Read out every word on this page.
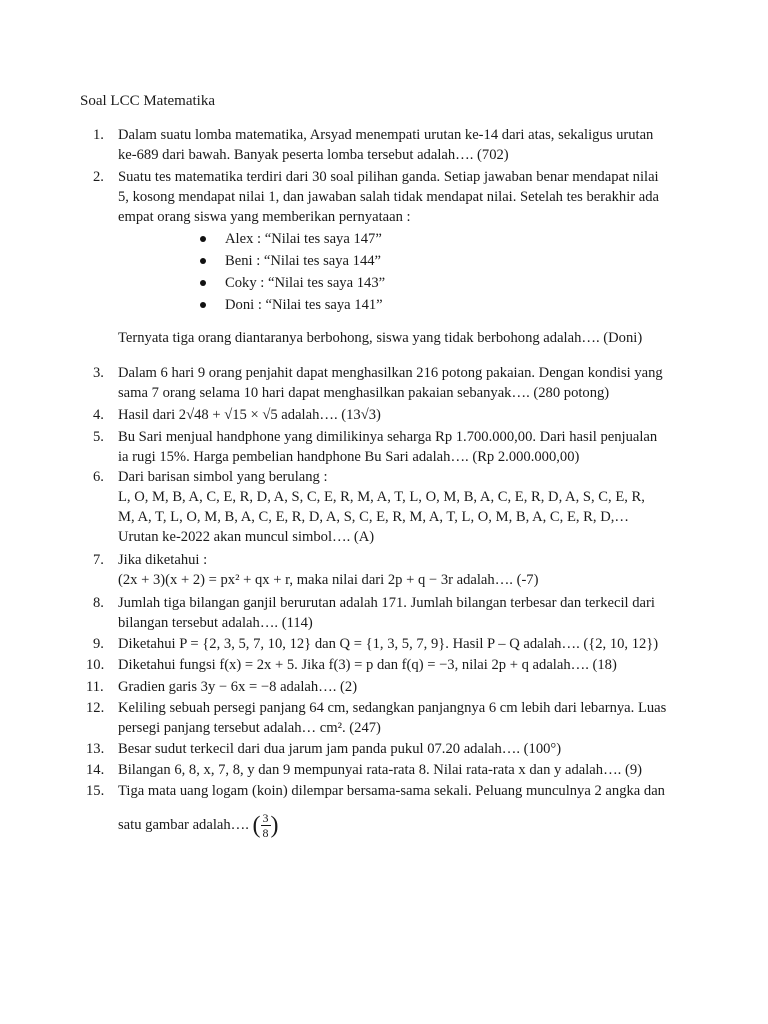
Soal LCC Matematika
1. Dalam suatu lomba matematika, Arsyad menempati urutan ke-14 dari atas, sekaligus urutan
ke-689 dari bawah. Banyak peserta lomba tersebut adalah…. (702)
2. Suatu tes matematika terdiri dari 30 soal pilihan ganda. Setiap jawaban benar mendapat nilai
5, kosong mendapat nilai 1, dan jawaban salah tidak mendapat nilai. Setelah tes berakhir ada
empat orang siswa yang memberikan pernyataan :
Alex : “Nilai tes saya 147”
Beni : “Nilai tes saya 144”
Coky : “Nilai tes saya 143”
Doni : “Nilai tes saya 141”
Ternyata tiga orang diantaranya berbohong, siswa yang tidak berbohong adalah…. (Doni)
3. Dalam 6 hari 9 orang penjahit dapat menghasilkan 216 potong pakaian. Dengan kondisi yang
sama 7 orang selama 10 hari dapat menghasilkan pakaian sebanyak…. (280 potong)
4. Hasil dari 2√48 + √15 × √5 adalah…. (13√3)
5. Bu Sari menjual handphone yang dimilikinya seharga Rp 1.700.000,00. Dari hasil penjualan
ia rugi 15%. Harga pembelian handphone Bu Sari adalah…. (Rp 2.000.000,00)
6. Dari barisan simbol yang berulang :
L, O, M, B, A, C, E, R, D, A, S, C, E, R, M, A, T, L, O, M, B, A, C, E, R, D, A, S, C, E, R,
M, A, T, L, O, M, B, A, C, E, R, D, A, S, C, E, R, M, A, T, L, O, M, B, A, C, E, R, D,…
Urutan ke-2022 akan muncul simbol…. (A)
7. Jika diketahui :
(2x + 3)(x + 2) = px² + qx + r, maka nilai dari 2p + q − 3r adalah…. (-7)
8. Jumlah tiga bilangan ganjil berurutan adalah 171. Jumlah bilangan terbesar dan terkecil dari
bilangan tersebut adalah…. (114)
9. Diketahui P = {2, 3, 5, 7, 10, 12} dan Q = {1, 3, 5, 7, 9}. Hasil P – Q adalah…. ({2, 10, 12})
10. Diketahui fungsi f(x) = 2x + 5. Jika f(3) = p dan f(q) = −3, nilai 2p + q adalah…. (18)
11. Gradien garis 3y − 6x = −8 adalah…. (2)
12. Keliling sebuah persegi panjang 64 cm, sedangkan panjangnya 6 cm lebih dari lebarnya. Luas
persegi panjang tersebut adalah… cm². (247)
13. Besar sudut terkecil dari dua jarum jam panda pukul 07.20 adalah…. (100°)
14. Bilangan 6, 8, x, 7, 8, y dan 9 mempunyai rata-rata 8. Nilai rata-rata x dan y adalah…. (9)
15. Tiga mata uang logam (koin) dilempar bersama-sama sekali. Peluang munculnya 2 angka dan
satu gambar adalah…. ( $\frac{3}{8}$ )
